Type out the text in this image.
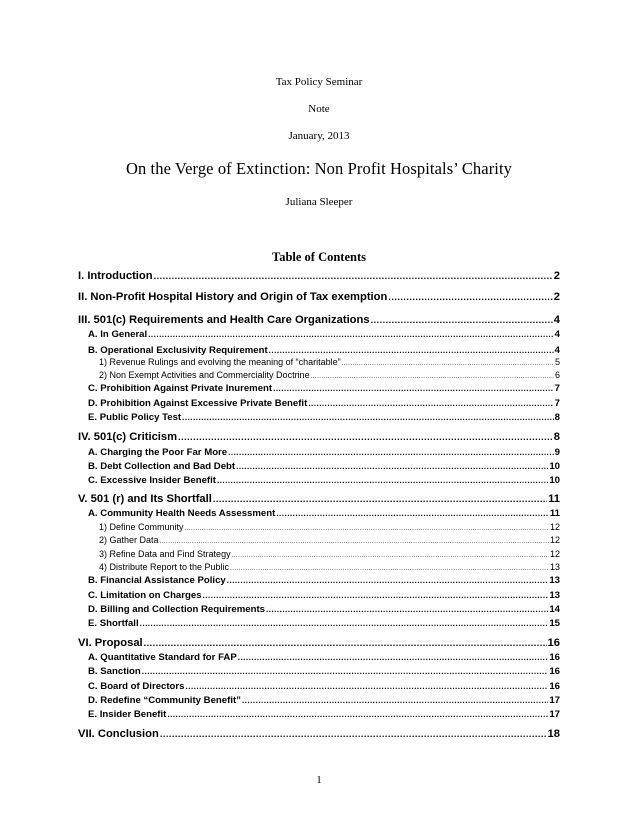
Tax Policy Seminar
Note
January, 2013
On the Verge of Extinction: Non Profit Hospitals’ Charity
Juliana Sleeper
Table of Contents
I. Introduction .....	2
II. Non-Profit Hospital History and Origin of Tax exemption .....	2
III. 501(c) Requirements and Health Care Organizations .....	4
A. In General .....	4
B. Operational Exclusivity Requirement .....	4
1) Revenue Rulings and evolving the meaning of “charitable” .....	5
2) Non Exempt Activities and Commerciality Doctrine .....	6
C. Prohibition Against Private Inurement .....	7
D. Prohibition Against Excessive Private Benefit .....	7
E. Public Policy Test .....	8
IV. 501(c) Criticism .....	8
A. Charging the Poor Far More .....	9
B. Debt Collection and Bad Debt .....	10
C. Excessive Insider Benefit .....	10
V. 501 (r) and Its Shortfall .....	11
A. Community Health Needs Assessment .....	11
1) Define Community .....	12
2) Gather Data .....	12
3) Refine Data and Find Strategy .....	12
4) Distribute Report to the Public .....	13
B. Financial Assistance Policy .....	13
C. Limitation on Charges .....	13
D. Billing and Collection Requirements .....	14
E. Shortfall .....	15
VI. Proposal .....	16
A. Quantitative Standard for FAP .....	16
B. Sanction .....	16
C. Board of Directors .....	16
D. Redefine “Community Benefit” .....	17
E. Insider Benefit .....	17
VII. Conclusion .....	18
1
